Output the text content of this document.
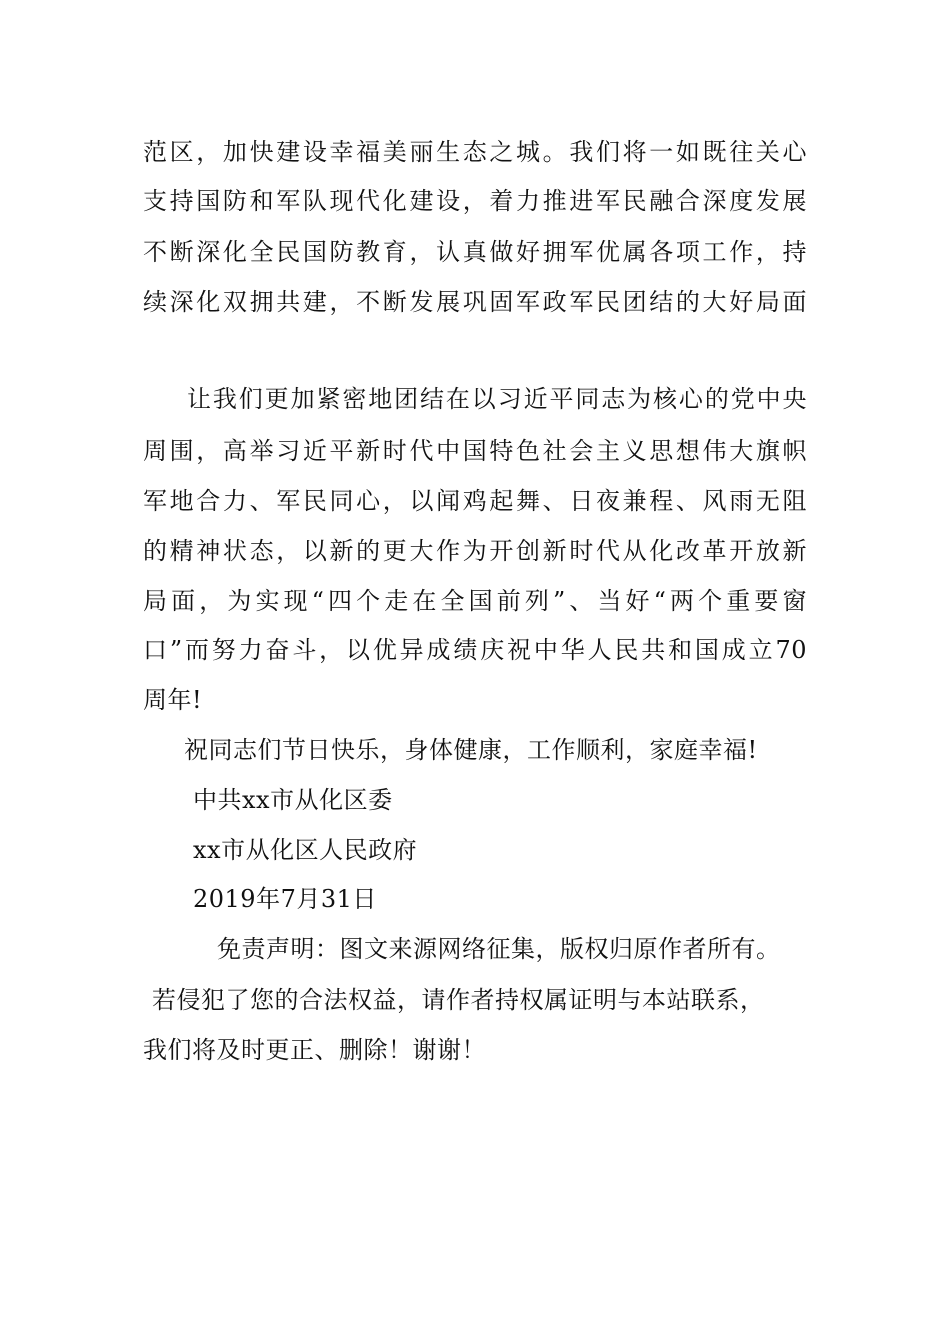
范区，加快建设幸福美丽生态之城。我们将一如既往关心
支持国防和军队现代化建设，着力推进军民融合深度发展
不断深化全民国防教育，认真做好拥军优属各项工作，持
续深化双拥共建，不断发展巩固军政军民团结的大好局面
让我们更加紧密地团结在以习近平同志为核心的党中央
周围，高举习近平新时代中国特色社会主义思想伟大旗帜
军地合力、军民同心，以闻鸡起舞、日夜兼程、风雨无阻
的精神状态，以新的更大作为开创新时代从化改革开放新
局面，为实现“四个走在全国前列”、当好“两个重要窗
口”而努力奋斗，以优异成绩庆祝中华人民共和国成立70
周年!
祝同志们节日快乐，身体健康，工作顺利，家庭幸福!
中共xx市从化区委
xx市从化区人民政府
2019年7月31日
免责声明：图文来源网络征集，版权归原作者所有。
若侵犯了您的合法权益，请作者持权属证明与本站联系，
我们将及时更正、删除！谢谢！
